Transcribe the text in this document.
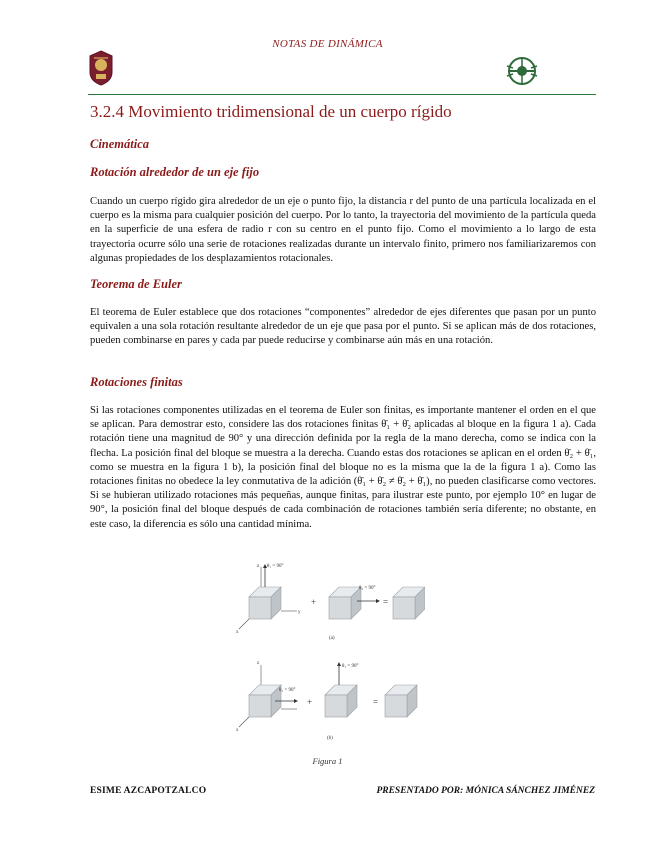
NOTAS DE DINÁMICA
3.2.4 Movimiento tridimensional de un cuerpo rígido
Cinemática
Rotación alrededor de un eje fijo

Cuando un cuerpo rígido gira alrededor de un eje o punto fijo, la distancia r del punto de una partícula localizada en el cuerpo es la misma para cualquier posición del cuerpo. Por lo tanto, la trayectoria del movimiento de la partícula queda en la superficie de una esfera de radio r con su centro en el punto fijo. Como el movimiento a lo largo de esta trayectoria ocurre sólo una serie de rotaciones realizadas durante un intervalo finito, primero nos familiarizaremos con algunas propiedades de los desplazamientos rotacionales.

Teorema de Euler

El teorema de Euler establece que dos rotaciones “componentes” alrededor de ejes diferentes que pasan por un punto equivalen a una sola rotación resultante alrededor de un eje que pasa por el punto. Si se aplican más de dos rotaciones, pueden combinarse en pares y cada par puede reducirse y combinarse aún más en una rotación.

Rotaciones finitas

Si las rotaciones componentes utilizadas en el teorema de Euler son finitas, es importante mantener el orden en el que se aplican. Para demostrar esto, considere las dos rotaciones finitas θ̄₁ + θ̄₂ aplicadas al bloque en la figura 1 a). Cada rotación tiene una magnitud de 90° y una dirección definida por la regla de la mano derecha, como se indica con la flecha. La posición final del bloque se muestra a la derecha. Cuando estas dos rotaciones se aplican en el orden θ̄₂ + θ̄₁, como se muestra en la figura 1 b), la posición final del bloque no es la misma que la de la figura 1 a). Como las rotaciones finitas no obedece la ley conmutativa de la adición (θ̄₁ + θ̄₂ ≠ θ̄₂ + θ̄₁), no pueden clasificarse como vectores. Si se hubieran utilizado rotaciones más pequeñas, aunque finitas, para ilustrar este punto, por ejemplo 10° en lugar de 90°, la posición final del bloque después de cada combinación de rotaciones también sería diferente; no obstante, en este caso, la diferencia es sólo una cantidad mínima.

θ₁ = 90°
z
x
y
+
θ₂ = 90°
=
(a)
θ₂ = 90°
z
x
+
θ₁ = 90°
=
(b)
Figura 1
ESIME AZCAPOTZALCO	PRESENTADO POR: MÓNICA SÁNCHEZ JIMÉNEZ
